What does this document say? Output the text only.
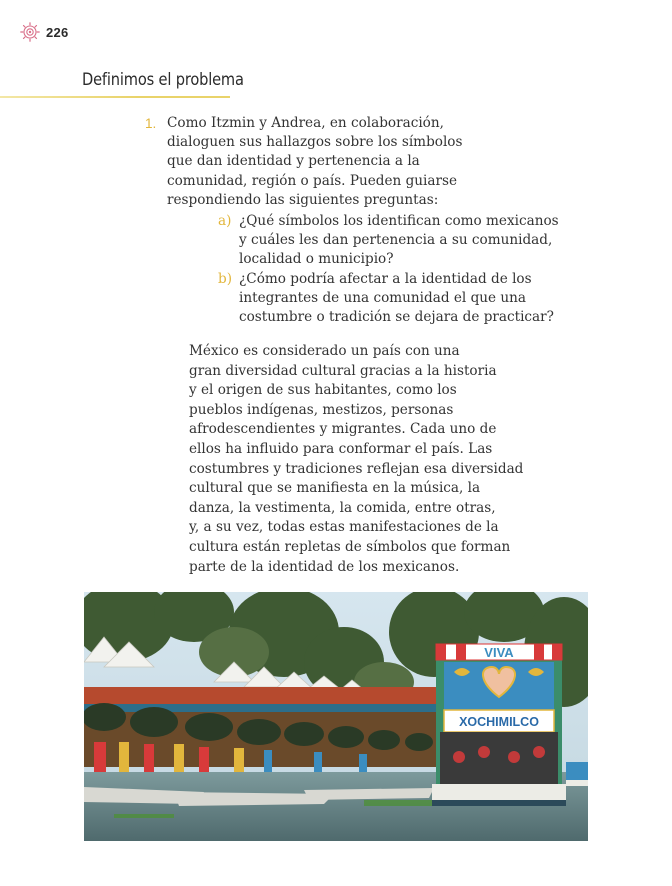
226
Definimos el problema
1. Como Itzmin y Andrea, en colaboración,
dialoguen sus hallazgos sobre los símbolos
que dan identidad y pertenencia a la
comunidad, región o país. Pueden guiarse
respondiendo las siguientes preguntas:
a) ¿Qué símbolos los identifican como mexicanos
y cuáles les dan pertenencia a su comunidad,
localidad o municipio?
b) ¿Cómo podría afectar a la identidad de los
integrantes de una comunidad el que una
costumbre o tradición se dejara de practicar?
México es considerado un país con una
gran diversidad cultural gracias a la historia
y el origen de sus habitantes, como los
pueblos indígenas, mestizos, personas
afrodescendientes y migrantes. Cada uno de
ellos ha influido para conformar el país. Las
costumbres y tradiciones reflejan esa diversidad
cultural que se manifiesta en la música, la
danza, la vestimenta, la comida, entre otras,
y, a su vez, todas estas manifestaciones de la
cultura están repletas de símbolos que forman
parte de la identidad de los mexicanos.
VIVA
XOCHIMILCO
